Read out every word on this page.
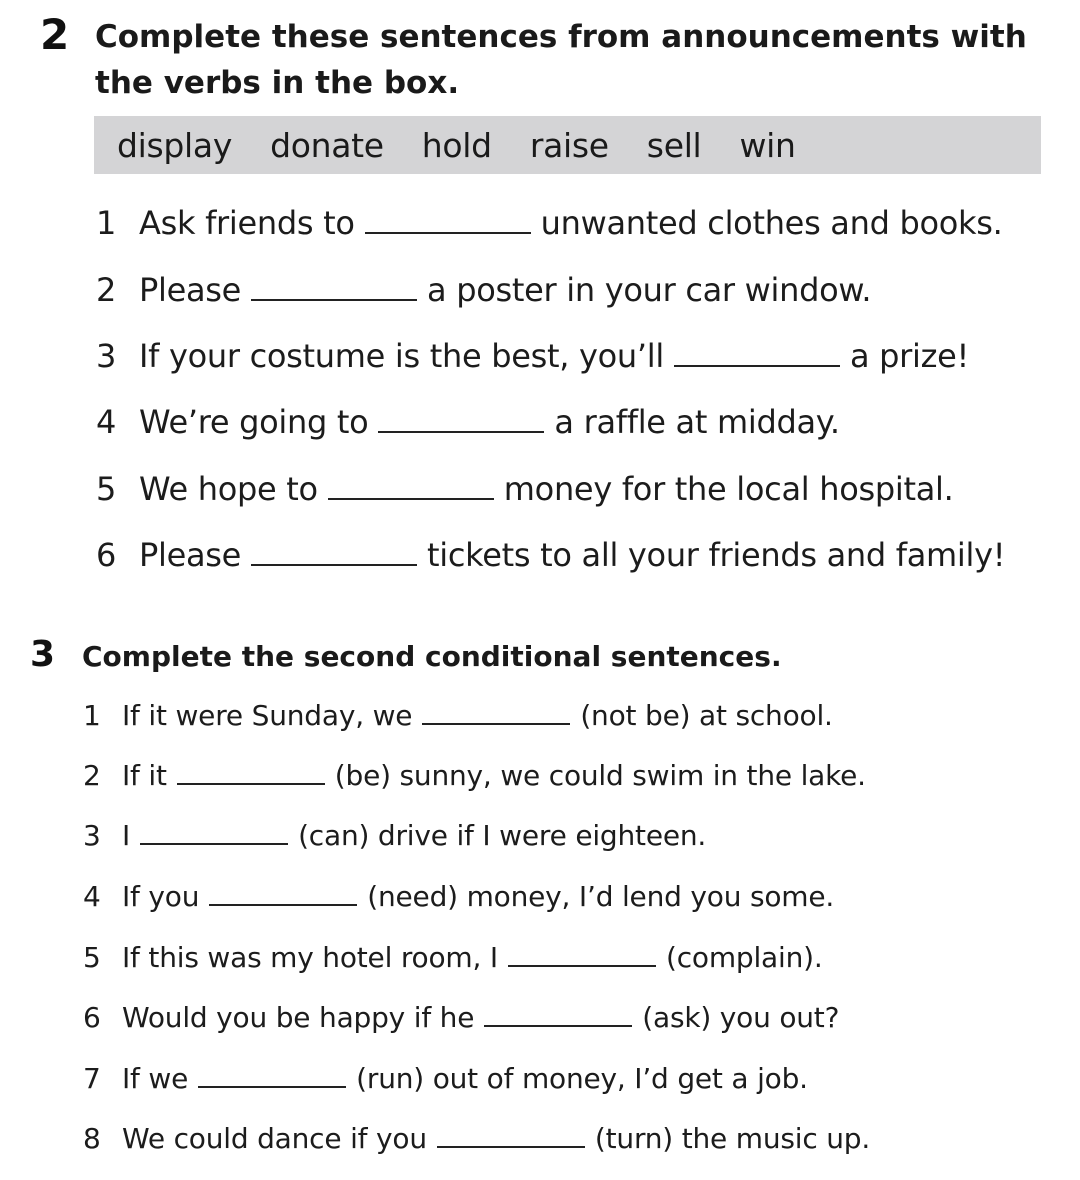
2 Complete these sentences from announcements with the verbs in the box.
display donate hold raise sell win
1 Ask friends to	unwanted clothes and books.
2 Please	a poster in your car window.
3 If your costume is the best, you’ll	a prize!
4 We’re going to	a raffle at midday.
5 We hope to	money for the local hospital.
6 Please	tickets to all your friends and family!
3 Complete the second conditional sentences.
1 If it were Sunday, we	(not be) at school.
2 If it	(be) sunny, we could swim in the lake.
3 I	(can) drive if I were eighteen.
4 If you	(need) money, I’d lend you some.
5 If this was my hotel room, I	(complain).
6 Would you be happy if he	(ask) you out?
7 If we	(run) out of money, I’d get a job.
8 We could dance if you	(turn) the music up.
